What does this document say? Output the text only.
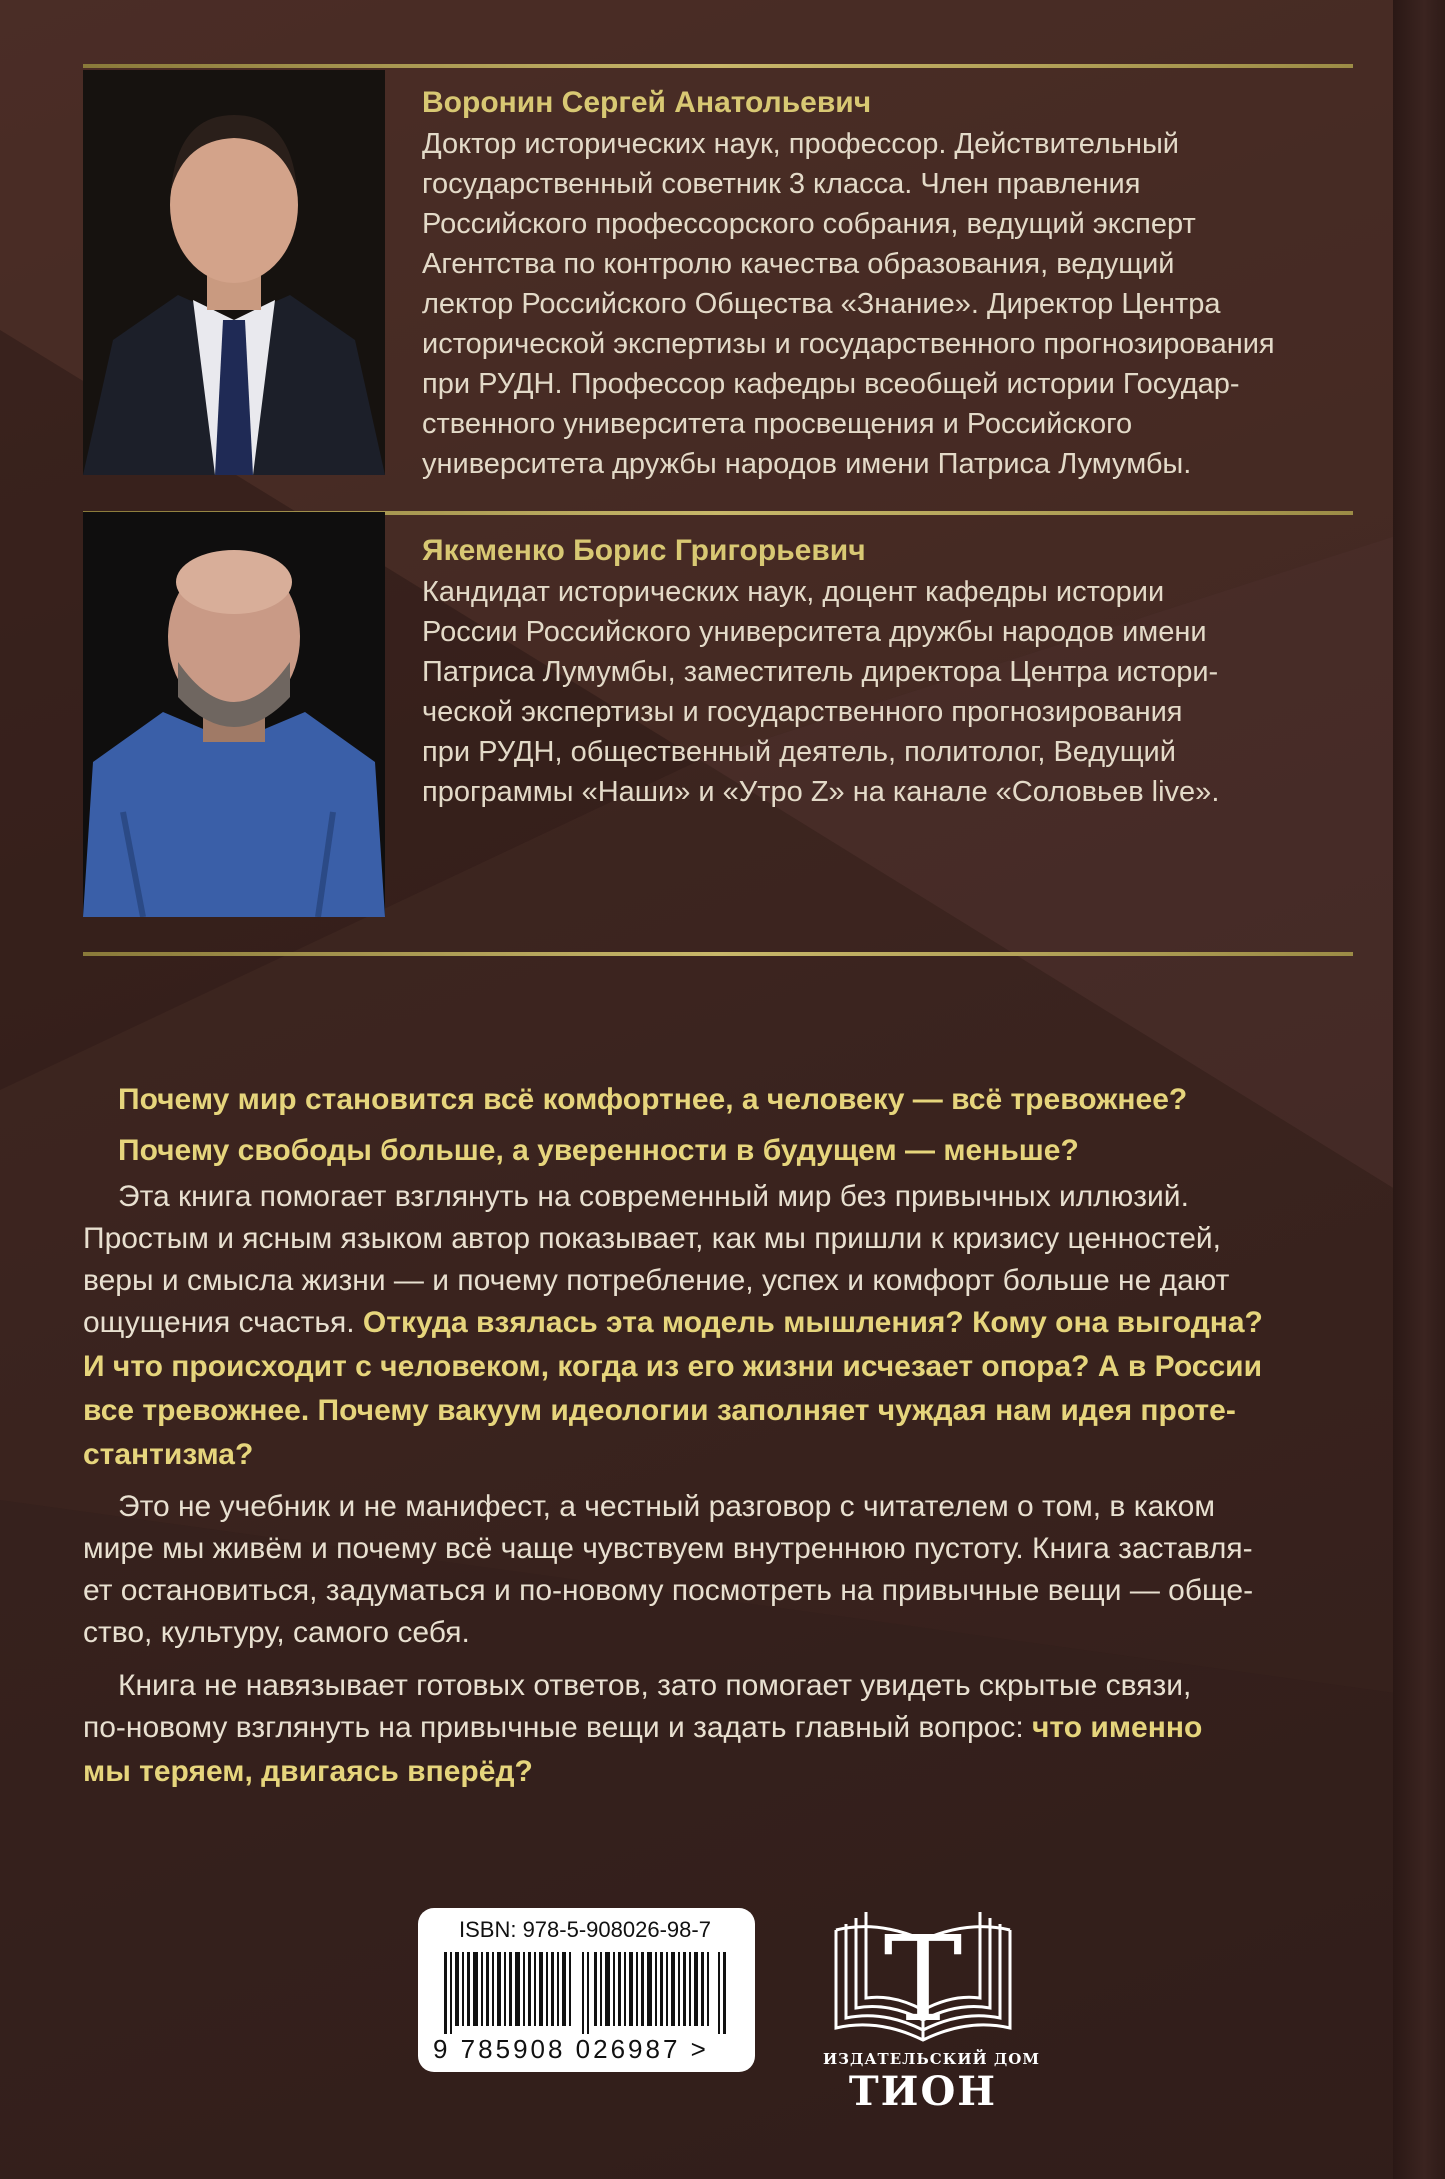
Воронин Сергей Анатольевич
Доктор исторических наук, профессор. Действительный
государственный советник 3 класса. Член правления
Российского профессорского собрания, ведущий эксперт
Агентства по контролю качества образования, ведущий
лектор Российского Общества «Знание». Директор Центра
исторической экспертизы и государственного прогнозирования
при РУДН. Профессор кафедры всеобщей истории Государ-
ственного университета просвещения и Российского
университета дружбы народов имени Патриса Лумумбы.
Якеменко Борис Григорьевич
Кандидат исторических наук, доцент кафедры истории
России Российского университета дружбы народов имени
Патриса Лумумбы, заместитель директора Центра истори-
ческой экспертизы и государственного прогнозирования
при РУДН, общественный деятель, политолог, Ведущий
программы «Наши» и «Утро Z» на канале «Соловьев live».
Почему мир становится всё комфортнее, а человеку — всё тревожнее?
Почему свободы больше, а уверенности в будущем — меньше?
Эта книга помогает взглянуть на современный мир без привычных иллюзий.
Простым и ясным языком автор показывает, как мы пришли к кризису ценностей,
веры и смысла жизни — и почему потребление, успех и комфорт больше не дают
ощущения счастья. Откуда взялась эта модель мышления? Кому она выгодна?
И что происходит с человеком, когда из его жизни исчезает опора? А в России
все тревожнее. Почему вакуум идеологии заполняет чуждая нам идея проте-
стантизма?
Это не учебник и не манифест, а честный разговор с читателем о том, в каком
мире мы живём и почему всё чаще чувствуем внутреннюю пустоту. Книга заставля-
ет остановиться, задуматься и по-новому посмотреть на привычные вещи — обще-
ство, культуру, самого себя.
Книга не навязывает готовых ответов, зато помогает увидеть скрытые связи,
по-новому взглянуть на привычные вещи и задать главный вопрос: что именно
мы теряем, двигаясь вперёд?
ISBN: 978-5-908026-98-7
9 785908 026987 >
Т
ИЗДАТЕЛЬСКИЙ ДОМ
ТИОН
